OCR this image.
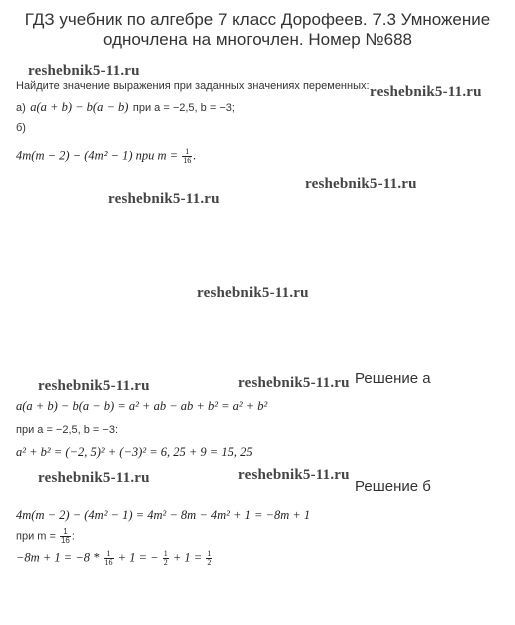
ГДЗ учебник по алгебре 7 класс Дорофеев. 7.3 Умножение
одночлена на многочлен. Номер №688
reshebnik5-11.ru
reshebnik5-11.ru
reshebnik5-11.ru
reshebnik5-11.ru
reshebnik5-11.ru
reshebnik5-11.ru	reshebnik5-11.ru
reshebnik5-11.ru	reshebnik5-11.ru
Найдите значение выражения при заданных значениях переменных:
а) a(a + b) − b(a − b) при a = −2,5, b = −3;
б)
4m(m − 2) − (4m² − 1) при $m = \frac{1}{16}$ .
Решение а
a(a + b) − b(a − b) = a² + ab − ab + b² = a² + b²
при a = −2,5, b = −3:
a² + b² = (−2, 5)² + (−3)² = 6, 25 + 9 = 15, 25
Решение б
4m(m − 2) − (4m² − 1) = 4m² − 8m − 4m² + 1 = −8m + 1
при $m = \frac{1}{16}$ :
$-8m + 1 = -8 * \frac{1}{16} + 1$ = − $\frac{1}{2} + 1 = \frac{1}{2}$
